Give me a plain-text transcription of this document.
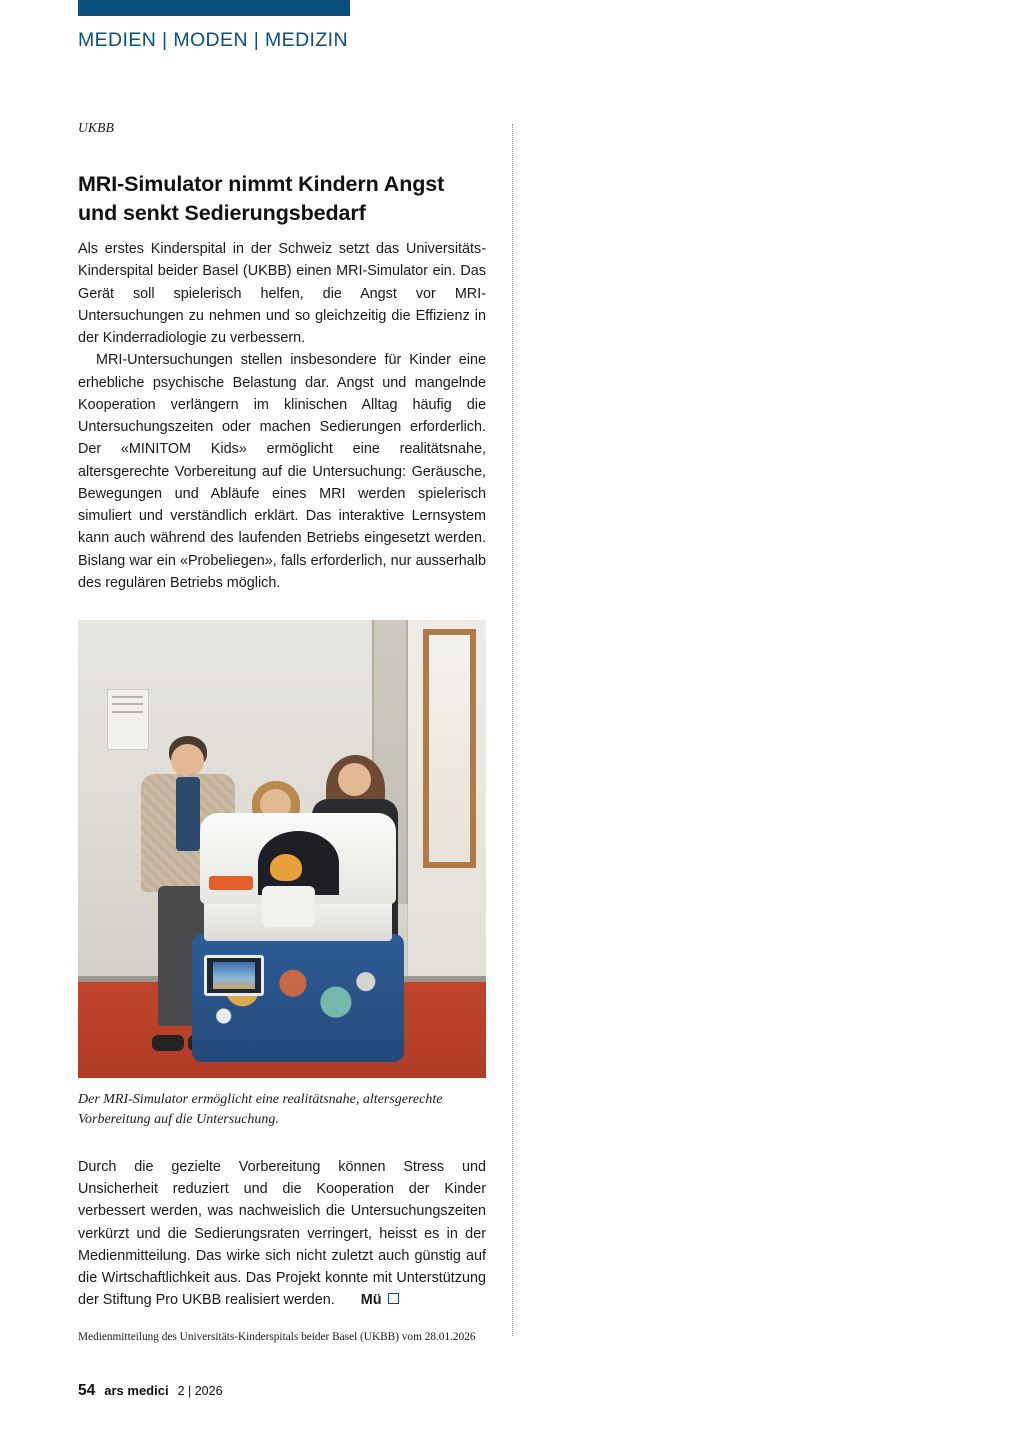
MEDIEN | MODEN | MEDIZIN
UKBB
MRI-Simulator nimmt Kindern Angst und senkt Sedierungsbedarf

Als erstes Kinderspital in der Schweiz setzt das Universitäts-Kinderspital beider Basel (UKBB) einen MRI-Simulator ein. Das Gerät soll spielerisch helfen, die Angst vor MRI-Untersuchungen zu nehmen und so gleichzeitig die Effizienz in der Kinderradiologie zu verbessern.

MRI-Untersuchungen stellen insbesondere für Kinder eine erhebliche psychische Belastung dar. Angst und mangelnde Kooperation verlängern im klinischen Alltag häufig die Untersuchungszeiten oder machen Sedierungen erforderlich. Der «MINITOM Kids» ermöglicht eine realitätsnahe, altersgerechte Vorbereitung auf die Untersuchung: Geräusche, Bewegungen und Abläufe eines MRI werden spielerisch simuliert und verständlich erklärt. Das interaktive Lernsystem kann auch während des laufenden Betriebs eingesetzt werden. Bislang war ein «Probeliegen», falls erforderlich, nur ausserhalb des regulären Betriebs möglich.

Der MRI-Simulator ermöglicht eine realitätsnahe, altersgerechte Vorbereitung auf die Untersuchung.

Durch die gezielte Vorbereitung können Stress und Unsicherheit reduziert und die Kooperation der Kinder verbessert werden, was nachweislich die Untersuchungszeiten verkürzt und die Sedierungsraten verringert, heisst es in der Medienmitteilung. Das wirke sich nicht zuletzt auch günstig auf die Wirtschaftlichkeit aus. Das Projekt konnte mit Unterstützung der Stiftung Pro UKBB realisiert werden. Mü

Medienmitteilung des Universitäts-Kinderspitals beider Basel (UKBB) vom 28.01.2026
54 ars medici 2 | 2026
